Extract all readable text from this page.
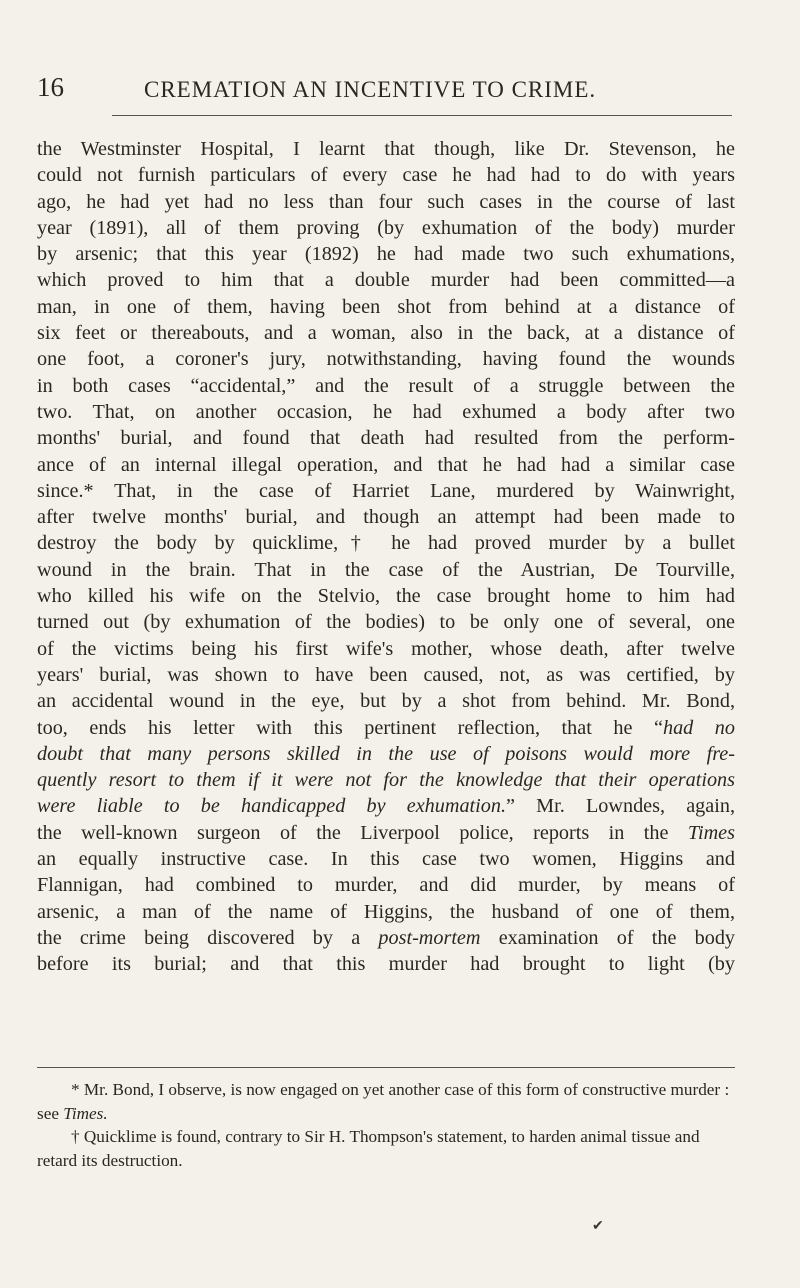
16	CREMATION AN INCENTIVE TO CRIME.
the Westminster Hospital, I learnt that though, like Dr. Stevenson, he
could not furnish particulars of every case he had had to do with years
ago, he had yet had no less than four such cases in the course of last
year (1891), all of them proving (by exhumation of the body) murder
by arsenic; that this year (1892) he had made two such exhumations,
which proved to him that a double murder had been committed—a
man, in one of them, having been shot from behind at a distance of
six feet or thereabouts, and a woman, also in the back, at a distance of
one foot, a coroner's jury, notwithstanding, having found the wounds
in both cases “accidental,” and the result of a struggle between the
two. That, on another occasion, he had exhumed a body after two
months' burial, and found that death had resulted from the perform-
ance of an internal illegal operation, and that he had had a similar case
since.* That, in the case of Harriet Lane, murdered by Wainwright,
after twelve months' burial, and though an attempt had been made to
destroy the body by quicklime,† he had proved murder by a bullet
wound in the brain. That in the case of the Austrian, De Tourville,
who killed his wife on the Stelvio, the case brought home to him had
turned out (by exhumation of the bodies) to be only one of several, one
of the victims being his first wife's mother, whose death, after twelve
years' burial, was shown to have been caused, not, as was certified, by
an accidental wound in the eye, but by a shot from behind. Mr. Bond,
too, ends his letter with this pertinent reflection, that he “had no
doubt that many persons skilled in the use of poisons would more fre-
quently resort to them if it were not for the knowledge that their operations
were liable to be handicapped by exhumation.” Mr. Lowndes, again,
the well-known surgeon of the Liverpool police, reports in the Times
an equally instructive case. In this case two women, Higgins and
Flannigan, had combined to murder, and did murder, by means of
arsenic, a man of the name of Higgins, the husband of one of them,
the crime being discovered by a post-mortem examination of the body
before its burial; and that this murder had brought to light (by

* Mr. Bond, I observe, is now engaged on yet another case of this form of constructive murder : see Times.

† Quicklime is found, contrary to Sir H. Thompson's statement, to harden animal tissue and retard its destruction.

✔
